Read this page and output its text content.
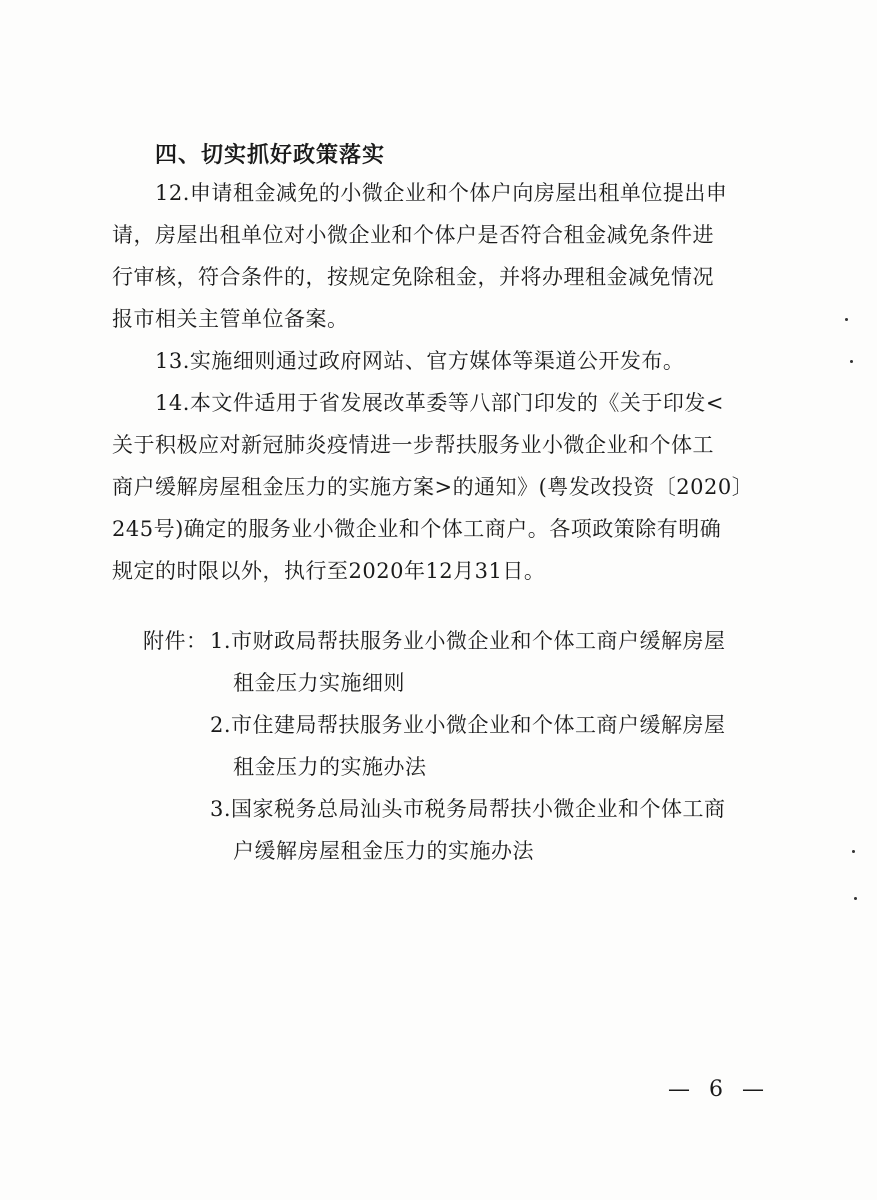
四、切实抓好政策落实
12.申请租金减免的小微企业和个体户向房屋出租单位提出申
请，房屋出租单位对小微企业和个体户是否符合租金减免条件进
行审核，符合条件的，按规定免除租金，并将办理租金减免情况
报市相关主管单位备案。
13.实施细则通过政府网站、官方媒体等渠道公开发布。
14.本文件适用于省发展改革委等八部门印发的《关于印发<
关于积极应对新冠肺炎疫情进一步帮扶服务业小微企业和个体工
商户缓解房屋租金压力的实施方案>的通知》(粤发改投资〔2020〕
245号)确定的服务业小微企业和个体工商户。各项政策除有明确
规定的时限以外，执行至2020年12月31日。
附件： 1.市财政局帮扶服务业小微企业和个体工商户缓解房屋
租金压力实施细则
2.市住建局帮扶服务业小微企业和个体工商户缓解房屋
租金压力的实施办法
3.国家税务总局汕头市税务局帮扶小微企业和个体工商
户缓解房屋租金压力的实施办法
— 6 —
